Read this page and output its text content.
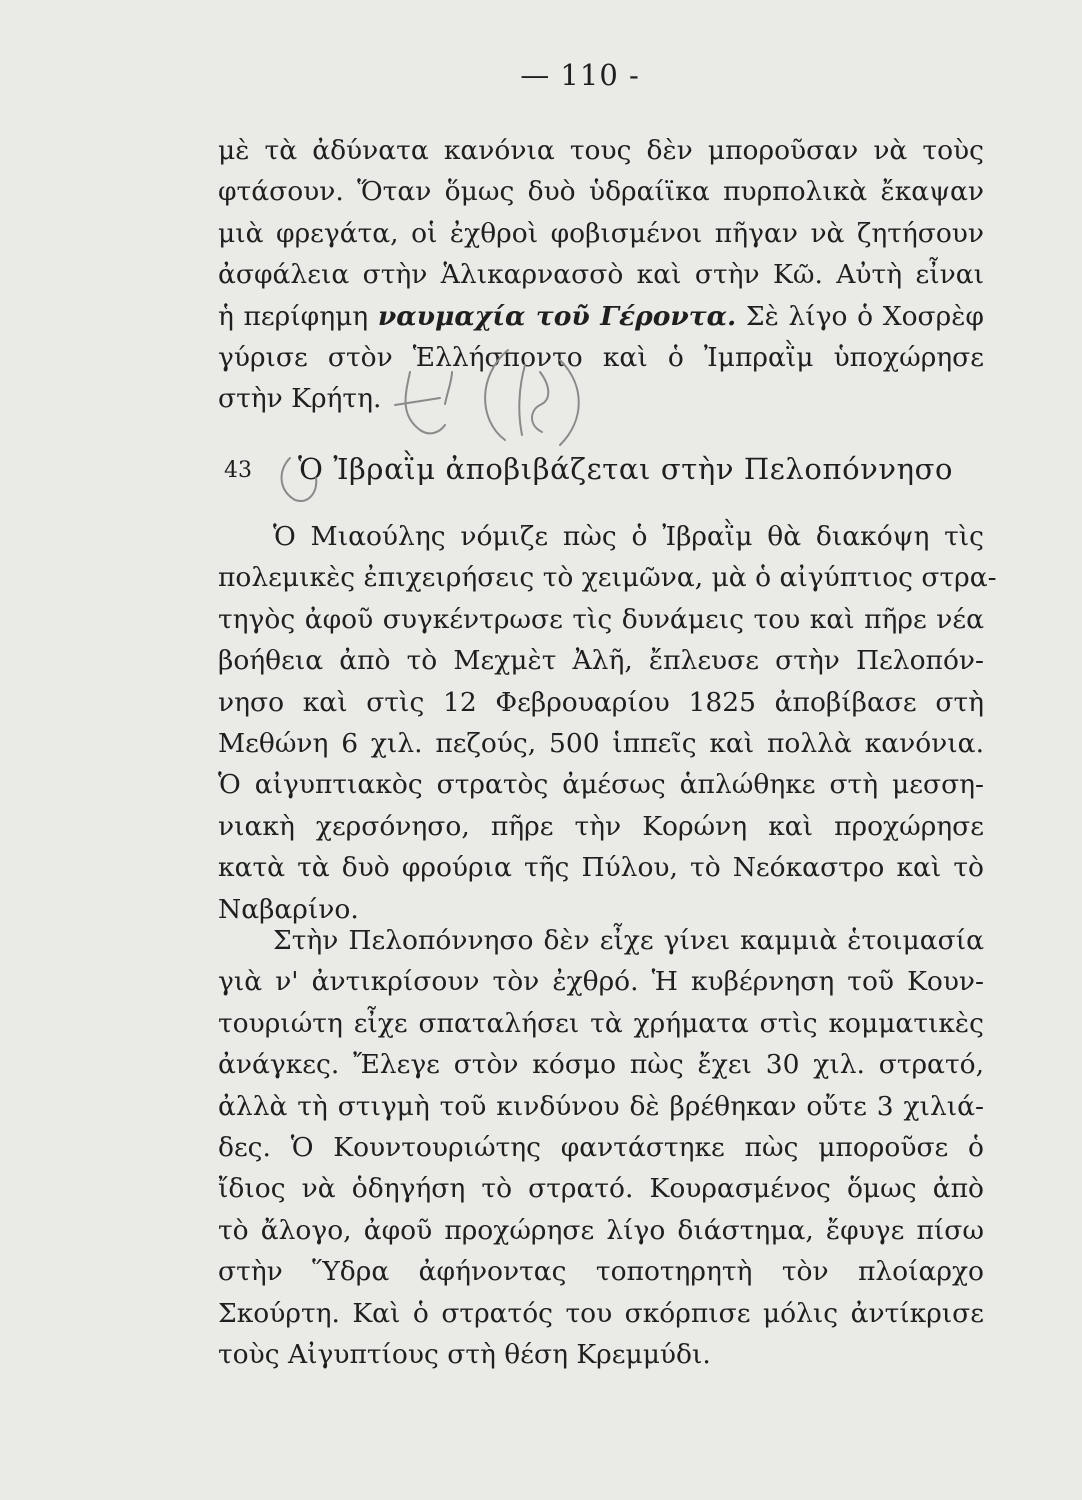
— 110 -
μὲ τὰ ἀδύνατα κανόνια τους δὲν μποροῦσαν νὰ τοὺς
φτάσουν. Ὅταν ὅμως δυὸ ὑδραίϊκα πυρπολικὰ ἔκαψαν
μιὰ φρεγάτα, οἱ ἐχθροὶ φοβισμένοι πῆγαν νὰ ζητήσουν
ἀσφάλεια στὴν Ἁλικαρνασσὸ καὶ στὴν Κῶ. Αὐτὴ εἶναι
ἡ περίφημη ναυμαχία τοῦ Γέροντα. Σὲ λίγο ὁ Χοσρὲφ
γύρισε στὸν Ἑλλήσποντο καὶ ὁ Ἰμπραῒμ ὑποχώρησε
στὴν Κρήτη.
43 Ὁ Ἰβραῒμ ἀποβιβάζεται στὴν Πελοπόννησο
Ὁ Μιαούλης νόμιζε πὼς ὁ Ἰβραῒμ θὰ διακόψη τὶς
πολεμικὲς ἐπιχειρήσεις τὸ χειμῶνα, μὰ ὁ αἰγύπτιος στρα-
τηγὸς ἀφοῦ συγκέντρωσε τὶς δυνάμεις του καὶ πῆρε νέα
βοήθεια ἀπὸ τὸ Μεχμὲτ Ἀλῆ, ἔπλευσε στὴν Πελοπόν-
νησο καὶ στὶς 12 Φεβρουαρίου 1825 ἀποβίβασε στὴ
Μεθώνη 6 χιλ. πεζούς, 500 ἱππεῖς καὶ πολλὰ κανόνια.
Ὁ αἰγυπτιακὸς στρατὸς ἀμέσως ἁπλώθηκε στὴ μεσση-
νιακὴ χερσόνησο, πῆρε τὴν Κορώνη καὶ προχώρησε
κατὰ τὰ δυὸ φρούρια τῆς Πύλου, τὸ Νεόκαστρο καὶ τὸ
Ναβαρίνο.
Στὴν Πελοπόννησο δὲν εἶχε γίνει καμμιὰ ἑτοιμασία
γιὰ ν' ἀντικρίσουν τὸν ἐχθρό. Ἡ κυβέρνηση τοῦ Κουν-
τουριώτη εἶχε σπαταλήσει τὰ χρήματα στὶς κομματικὲς
ἀνάγκες. Ἔλεγε στὸν κόσμο πὼς ἔχει 30 χιλ. στρατό,
ἀλλὰ τὴ στιγμὴ τοῦ κινδύνου δὲ βρέθηκαν οὔτε 3 χιλιά-
δες. Ὁ Κουντουριώτης φαντάστηκε πὼς μποροῦσε ὁ
ἴδιος νὰ ὁδηγήση τὸ στρατό. Κουρασμένος ὅμως ἀπὸ
τὸ ἄλογο, ἀφοῦ προχώρησε λίγο διάστημα, ἔφυγε πίσω
στὴν Ὕδρα ἀφήνοντας τοποτηρητὴ τὸν πλοίαρχο
Σκούρτη. Καὶ ὁ στρατός του σκόρπισε μόλις ἀντίκρισε
τοὺς Αἰγυπτίους στὴ θέση Κρεμμύδι.
